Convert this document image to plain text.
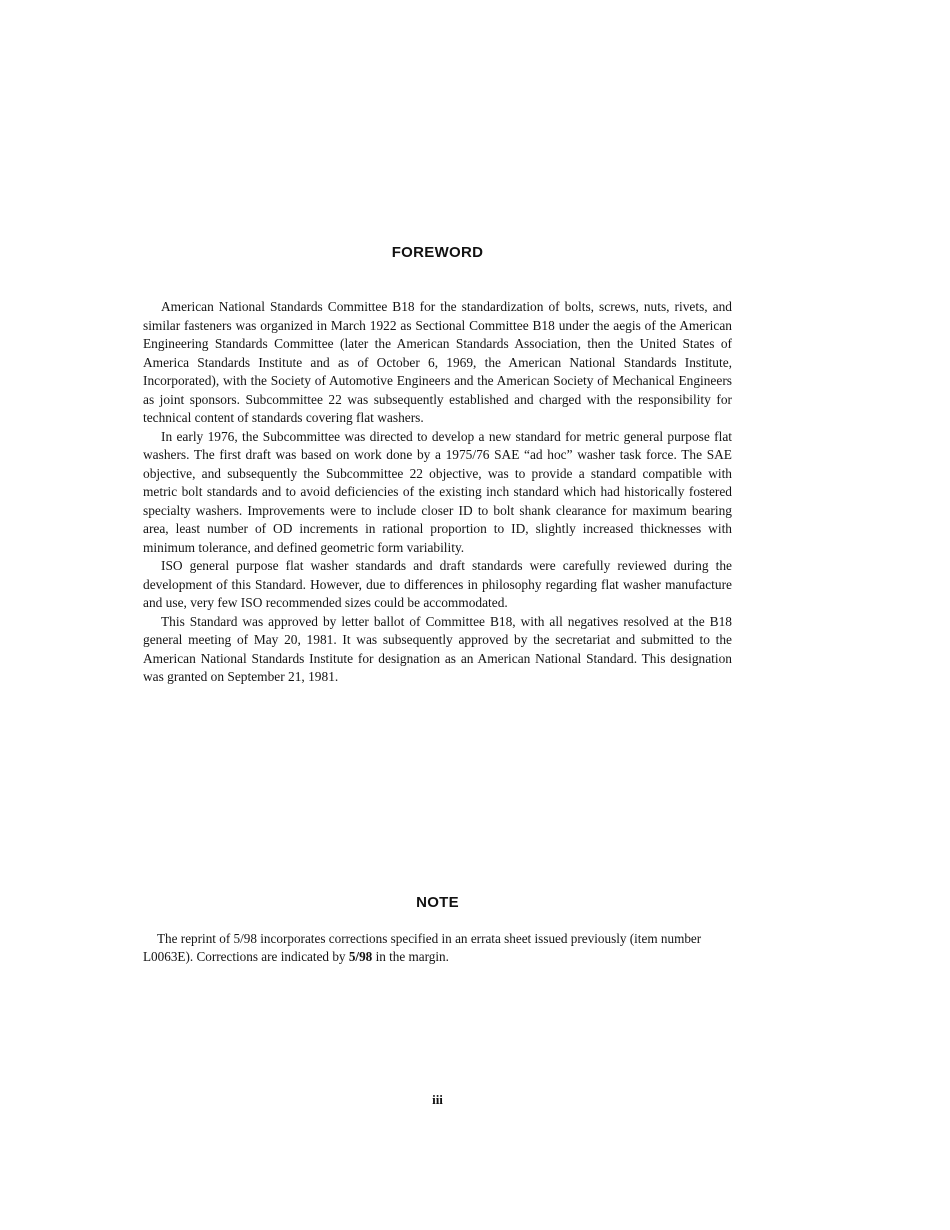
FOREWORD

American National Standards Committee B18 for the standardization of bolts, screws, nuts, rivets, and similar fasteners was organized in March 1922 as Sectional Committee B18 under the aegis of the American Engineering Standards Committee (later the American Standards Association, then the United States of America Standards Institute and as of October 6, 1969, the American National Standards Institute, Incorporated), with the Society of Automotive Engineers and the American Society of Mechanical Engineers as joint sponsors. Subcommittee 22 was subsequently established and charged with the responsibility for technical content of standards covering flat washers.

In early 1976, the Subcommittee was directed to develop a new standard for metric general purpose flat washers. The first draft was based on work done by a 1975/76 SAE “ad hoc” washer task force. The SAE objective, and subsequently the Subcommittee 22 objective, was to provide a standard compatible with metric bolt standards and to avoid deficiencies of the existing inch standard which had historically fostered specialty washers. Improvements were to include closer ID to bolt shank clearance for maximum bearing area, least number of OD increments in rational proportion to ID, slightly increased thicknesses with minimum tolerance, and defined geometric form variability.

ISO general purpose flat washer standards and draft standards were carefully reviewed during the development of this Standard. However, due to differences in philosophy regarding flat washer manufacture and use, very few ISO recommended sizes could be accommodated.

This Standard was approved by letter ballot of Committee B18, with all negatives resolved at the B18 general meeting of May 20, 1981. It was subsequently approved by the secretariat and submitted to the American National Standards Institute for designation as an American National Standard. This designation was granted on September 21, 1981.

NOTE

The reprint of 5/98 incorporates corrections specified in an errata sheet issued previously (item number L0063E). Corrections are indicated by 5/98 in the margin.

iii
